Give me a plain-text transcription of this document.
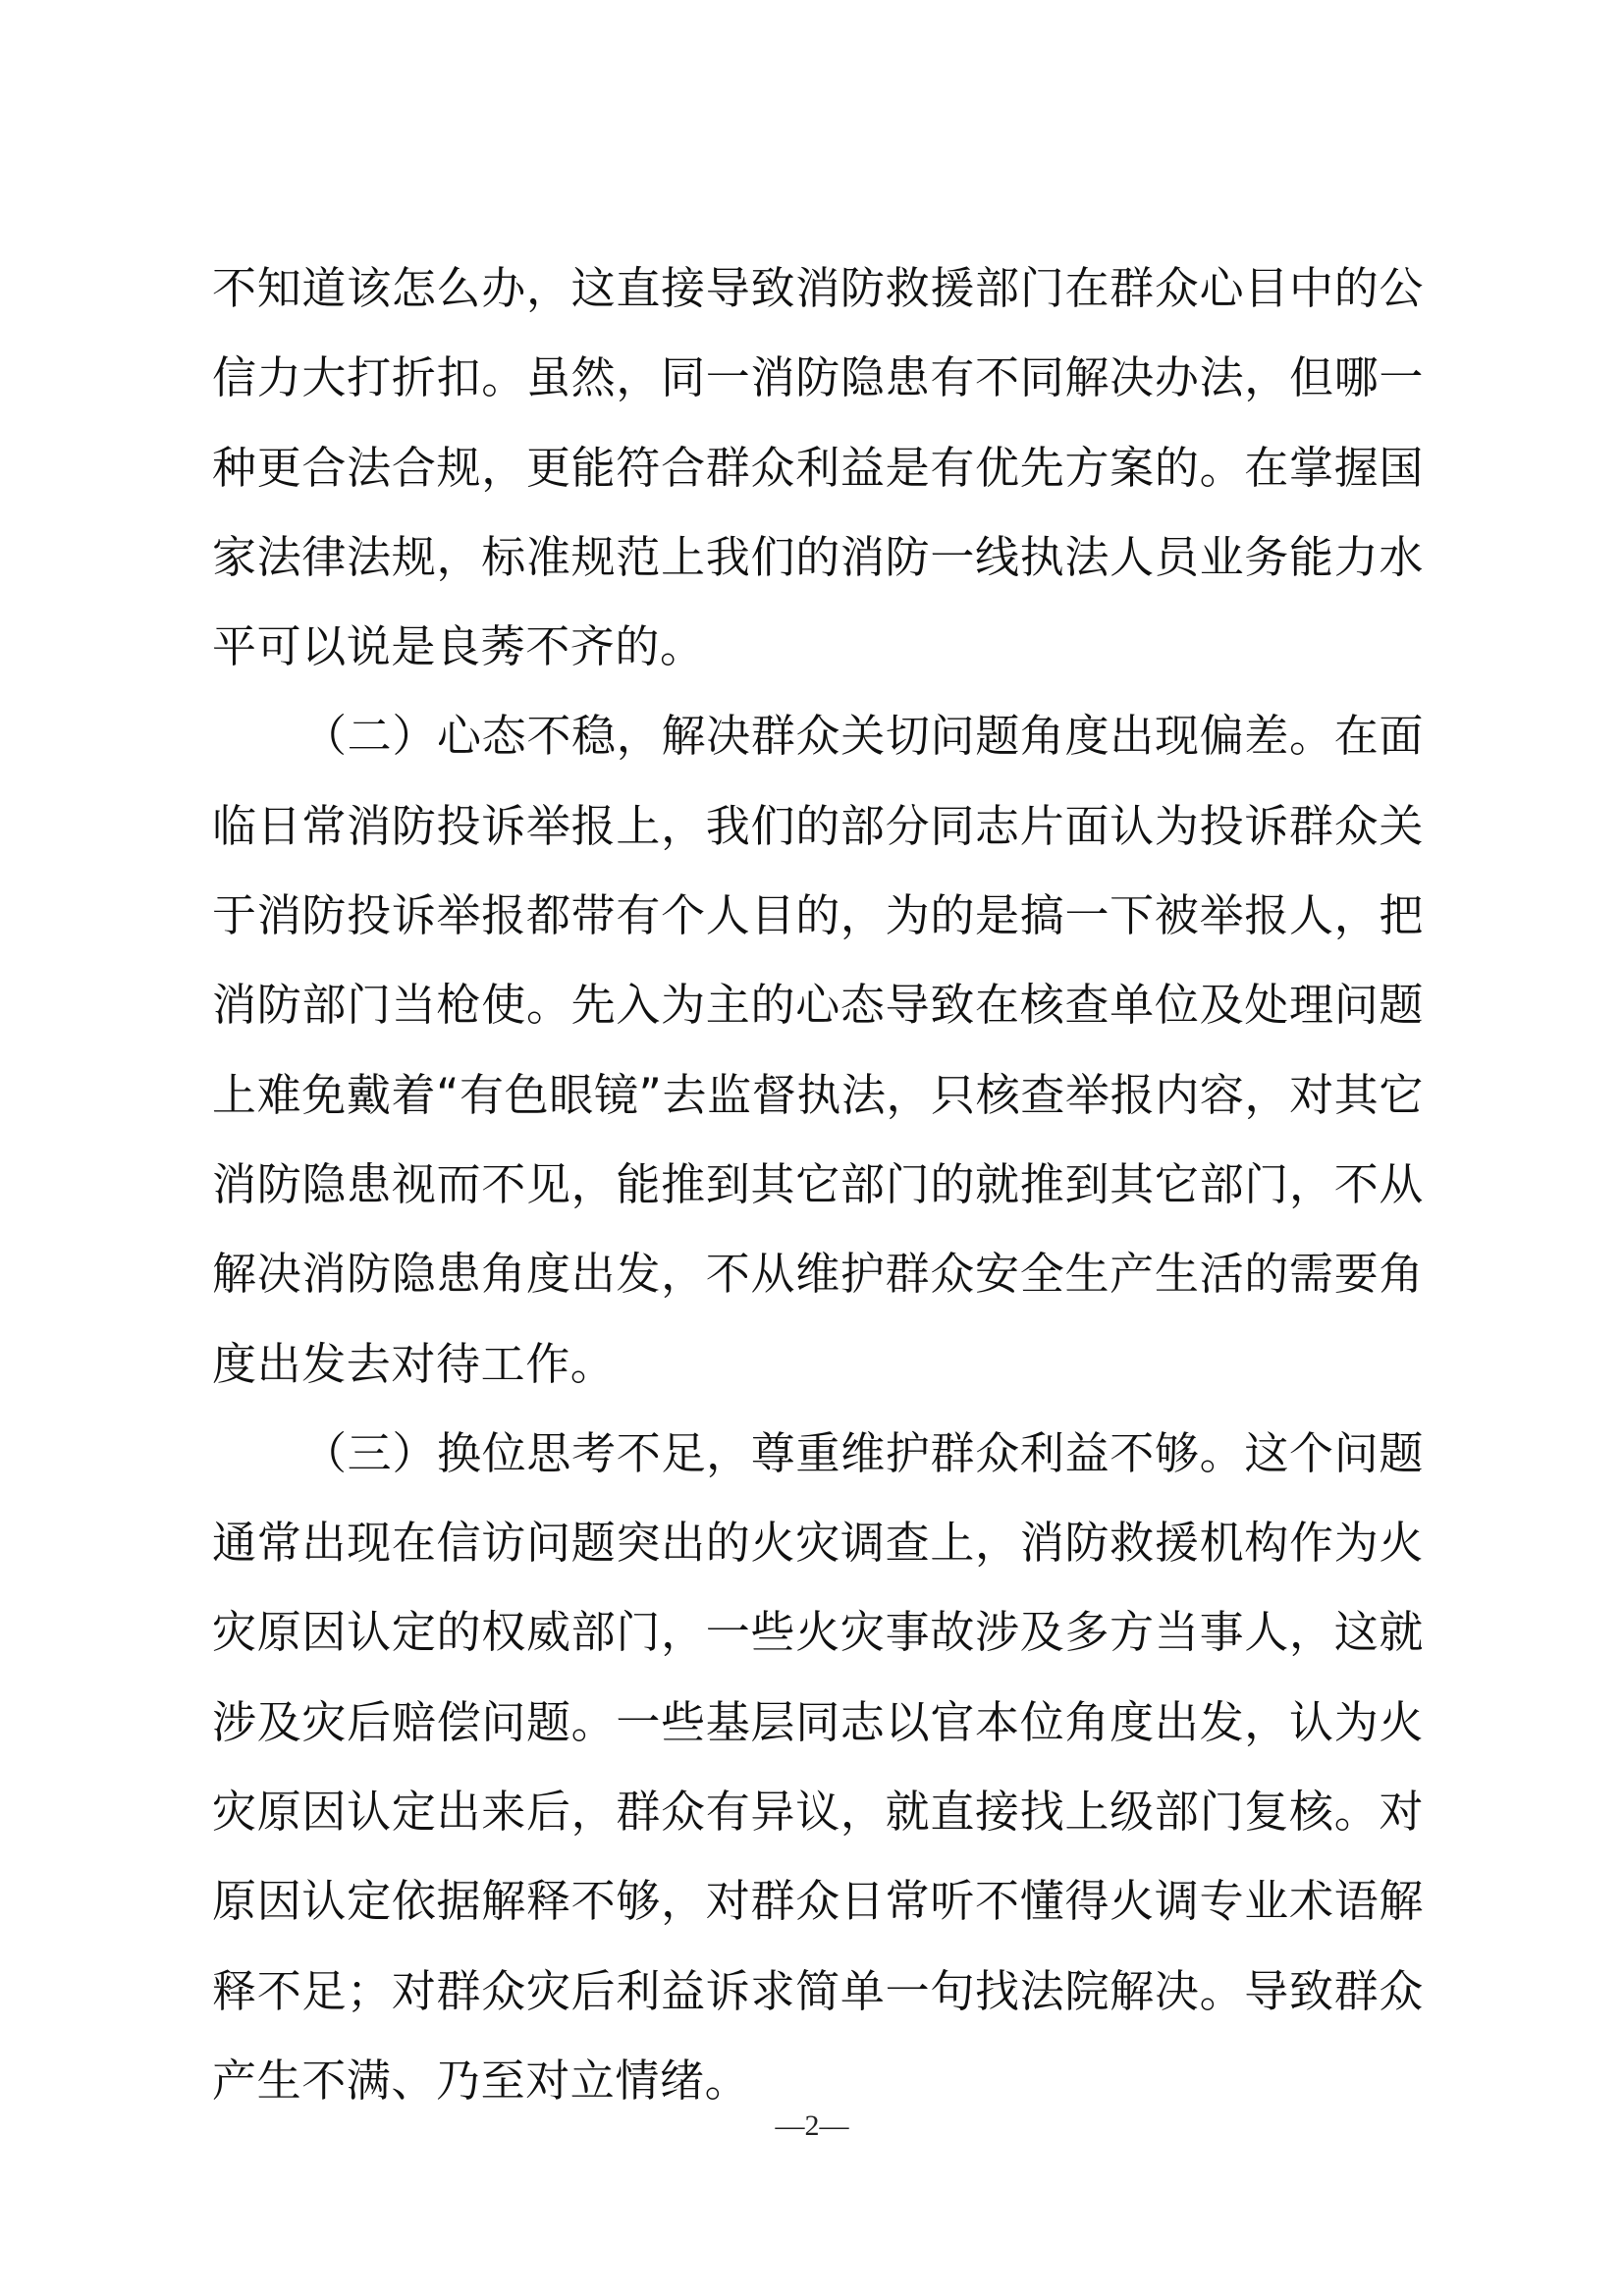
不知道该怎么办，这直接导致消防救援部门在群众心目中的公信力大打折扣。虽然，同一消防隐患有不同解决办法，但哪一种更合法合规，更能符合群众利益是有优先方案的。在掌握国家法律法规，标准规范上我们的消防一线执法人员业务能力水平可以说是良莠不齐的。

（二）心态不稳，解决群众关切问题角度出现偏差。在面临日常消防投诉举报上，我们的部分同志片面认为投诉群众关于消防投诉举报都带有个人目的，为的是搞一下被举报人，把消防部门当枪使。先入为主的心态导致在核查单位及处理问题上难免戴着“有色眼镜”去监督执法，只核查举报内容，对其它消防隐患视而不见，能推到其它部门的就推到其它部门，不从解决消防隐患角度出发，不从维护群众安全生产生活的需要角度出发去对待工作。

（三）换位思考不足，尊重维护群众利益不够。这个问题通常出现在信访问题突出的火灾调查上，消防救援机构作为火灾原因认定的权威部门，一些火灾事故涉及多方当事人，这就涉及灾后赔偿问题。一些基层同志以官本位角度出发，认为火灾原因认定出来后，群众有异议，就直接找上级部门复核。对原因认定依据解释不够，对群众日常听不懂得火调专业术语解释不足；对群众灾后利益诉求简单一句找法院解决。导致群众产生不满、乃至对立情绪。

—2—
